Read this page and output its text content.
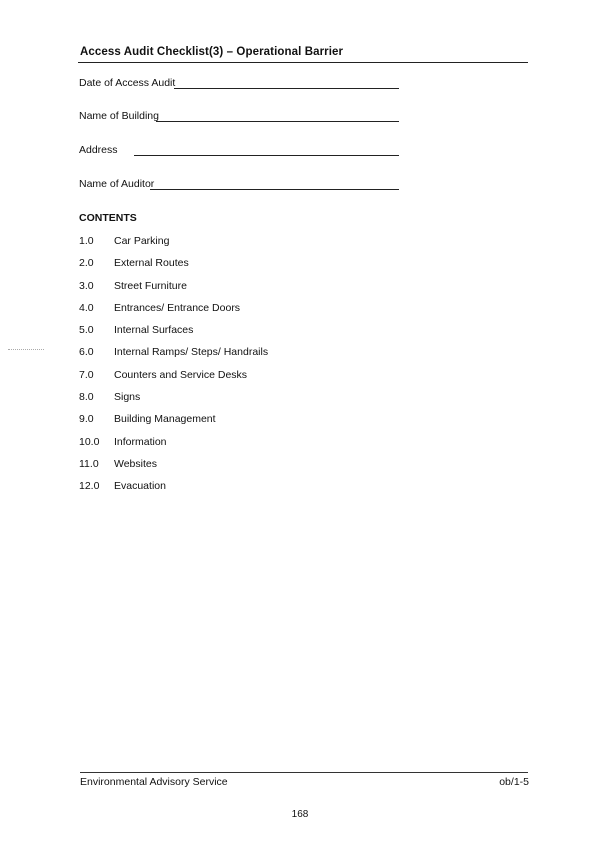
Access Audit Checklist(3) – Operational Barrier
Date of Access Audit
Name of Building
Address
Name of Auditor
CONTENTS
1.0 Car Parking
2.0 External Routes
3.0 Street Furniture
4.0 Entrances/ Entrance Doors
5.0 Internal Surfaces
6.0 Internal Ramps/ Steps/ Handrails
7.0 Counters and Service Desks
8.0 Signs
9.0 Building Management
10.0 Information
11.0 Websites
12.0 Evacuation
Environmental Advisory Service	ob/1-5
168
